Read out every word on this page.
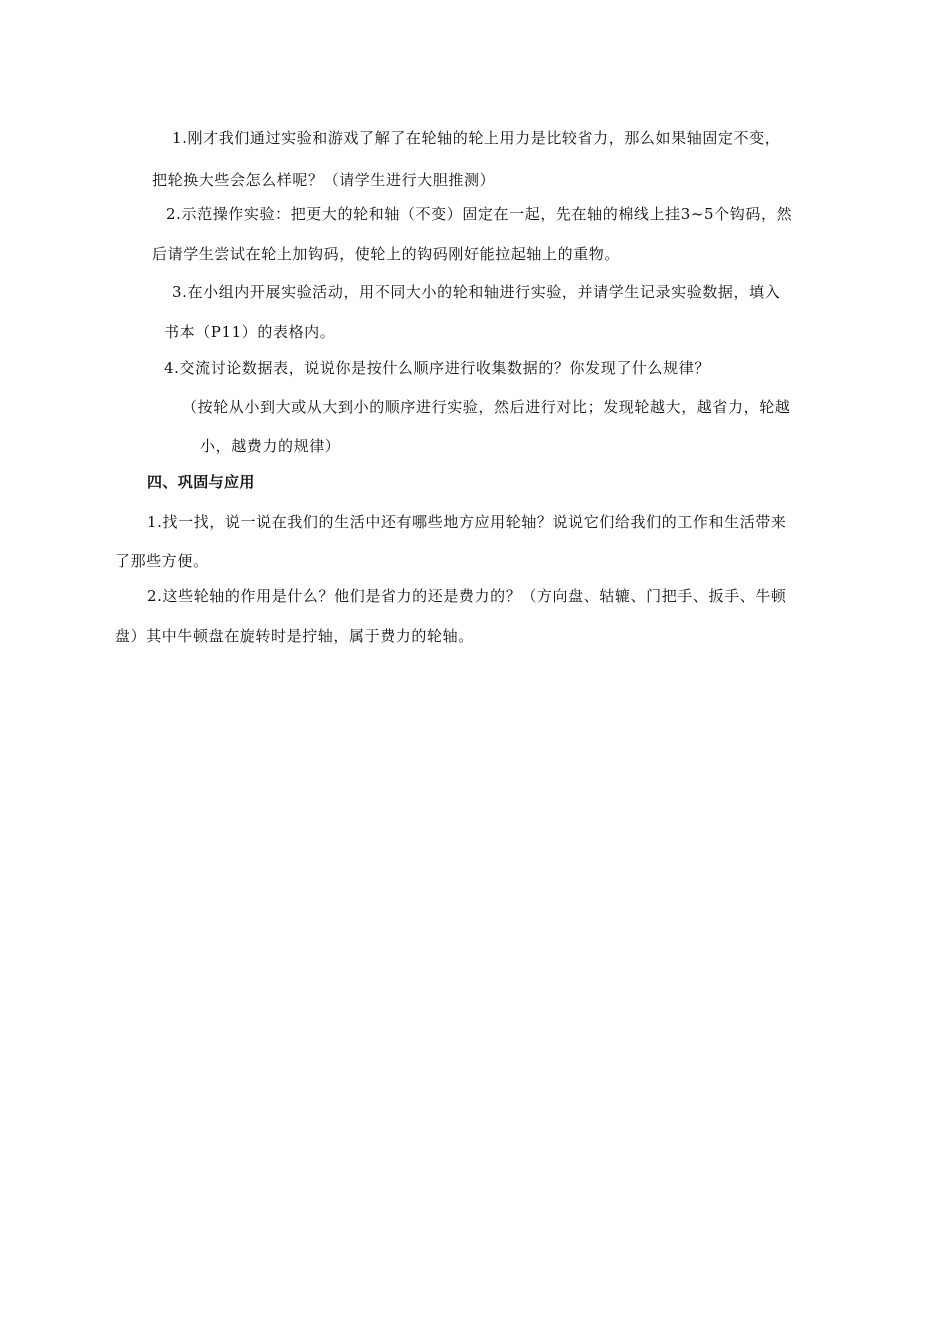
1.刚才我们通过实验和游戏了解了在轮轴的轮上用力是比较省力，那么如果轴固定不变，
把轮换大些会怎么样呢？（请学生进行大胆推测）
2.示范操作实验：把更大的轮和轴（不变）固定在一起，先在轴的棉线上挂3~5个钩码，然
后请学生尝试在轮上加钩码，使轮上的钩码刚好能拉起轴上的重物。
3.在小组内开展实验活动，用不同大小的轮和轴进行实验，并请学生记录实验数据，填入
书本（P11）的表格内。
4.交流讨论数据表，说说你是按什么顺序进行收集数据的？你发现了什么规律？
（按轮从小到大或从大到小的顺序进行实验，然后进行对比；发现轮越大，越省力，轮越
小，越费力的规律）
四、巩固与应用
1.找一找，说一说在我们的生活中还有哪些地方应用轮轴？说说它们给我们的工作和生活带来
了那些方便。
2.这些轮轴的作用是什么？他们是省力的还是费力的？（方向盘、轱辘、门把手、扳手、牛顿
盘）其中牛顿盘在旋转时是拧轴，属于费力的轮轴。
